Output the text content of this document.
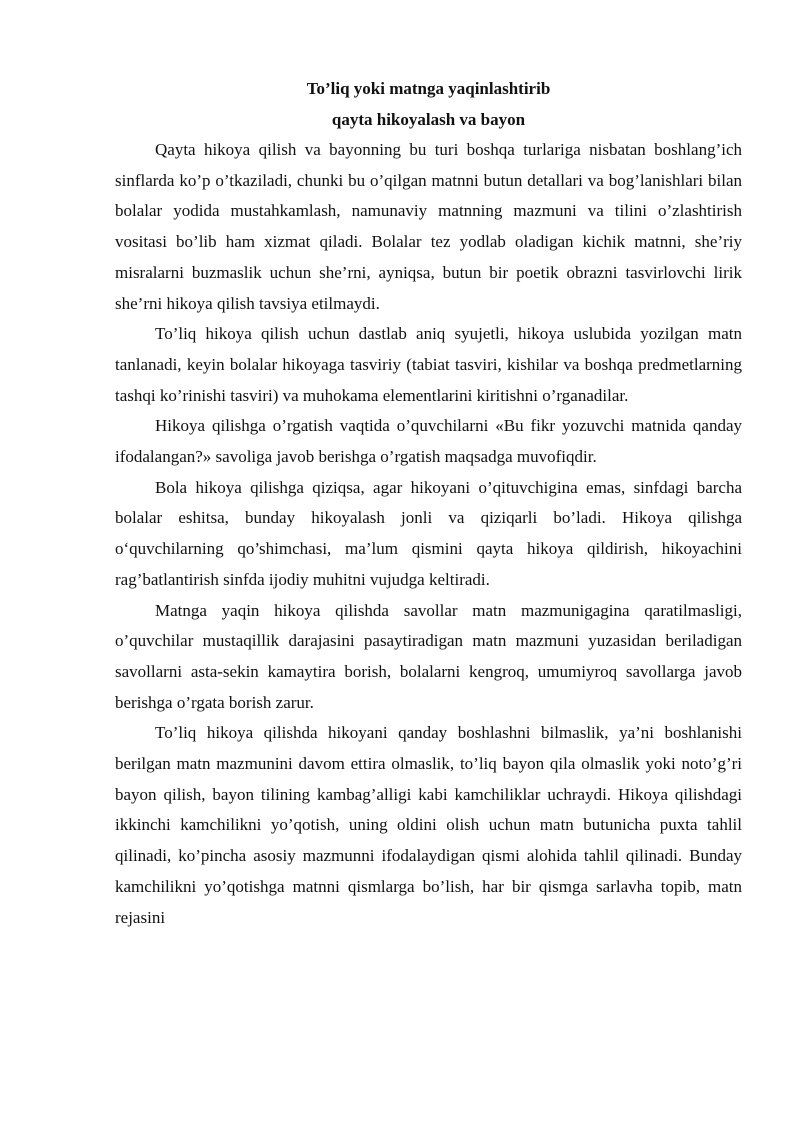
To’liq yoki matnga yaqinlashtirib

qayta hikoyalash va bayon

Qayta hikoya qilish va bayonning bu turi boshqa turlariga nisbatan boshlang’ich sinflarda ko’p o’tkaziladi, chunki bu o’qilgan matnni butun detallari va bog’lanishlari bilan bolalar yodida mustahkamlash, namunaviy matnning mazmuni va tilini o’zlashtirish vositasi bo’lib ham xizmat qiladi. Bolalar tez yodlab oladigan kichik matnni, she’riy misralarni buzmaslik uchun she’rni, ayniqsa, butun bir poetik obrazni tasvirlovchi lirik she’rni hikoya qilish tavsiya etilmaydi.

To’liq hikoya qilish uchun dastlab aniq syujetli, hikoya uslubida yozilgan matn tanlanadi, keyin bolalar hikoyaga tasviriy (tabiat tasviri, kishilar va boshqa predmetlarning tashqi ko’rinishi tasviri) va muhokama elementlarini kiritishni o’rganadilar.

Hikoya qilishga o’rgatish vaqtida o’quvchilarni «Bu fikr yozuvchi matnida qanday ifodalangan?» savoliga javob berishga o’rgatish maqsadga muvofiqdir.

Bola hikoya qilishga qiziqsa, agar hikoyani o’qituvchigina emas, sinfdagi barcha bolalar eshitsa, bunday hikoyalash jonli va qiziqarli bo’ladi. Hikoya qilishga o‘quvchilarning qo’shimchasi, ma’lum qismini qayta hikoya qildirish, hikoyachini rag’batlantirish sinfda ijodiy muhitni vujudga keltiradi.

Matnga yaqin hikoya qilishda savollar matn mazmunigagina qaratilmasligi, o’quvchilar mustaqillik darajasini pasaytiradigan matn mazmuni yuzasidan beriladigan savollarni asta-sekin kamaytira borish, bolalarni kengroq, umumiyroq savollarga javob berishga o’rgata borish zarur.

To’liq hikoya qilishda hikoyani qanday boshlashni bilmaslik, ya’ni boshlanishi berilgan matn mazmunini davom ettira olmaslik, to’liq bayon qila olmaslik yoki noto’g’ri bayon qilish, bayon tilining kambag’alligi kabi kamchiliklar uchraydi. Hikoya qilishdagi ikkinchi kamchilikni yo’qotish, uning oldini olish uchun matn butunicha puxta tahlil qilinadi, ko’pincha asosiy mazmunni ifodalaydigan qismi alohida tahlil qilinadi. Bunday kamchilikni yo’qotishga matnni qismlarga bo’lish, har bir qismga sarlavha topib, matn rejasini
